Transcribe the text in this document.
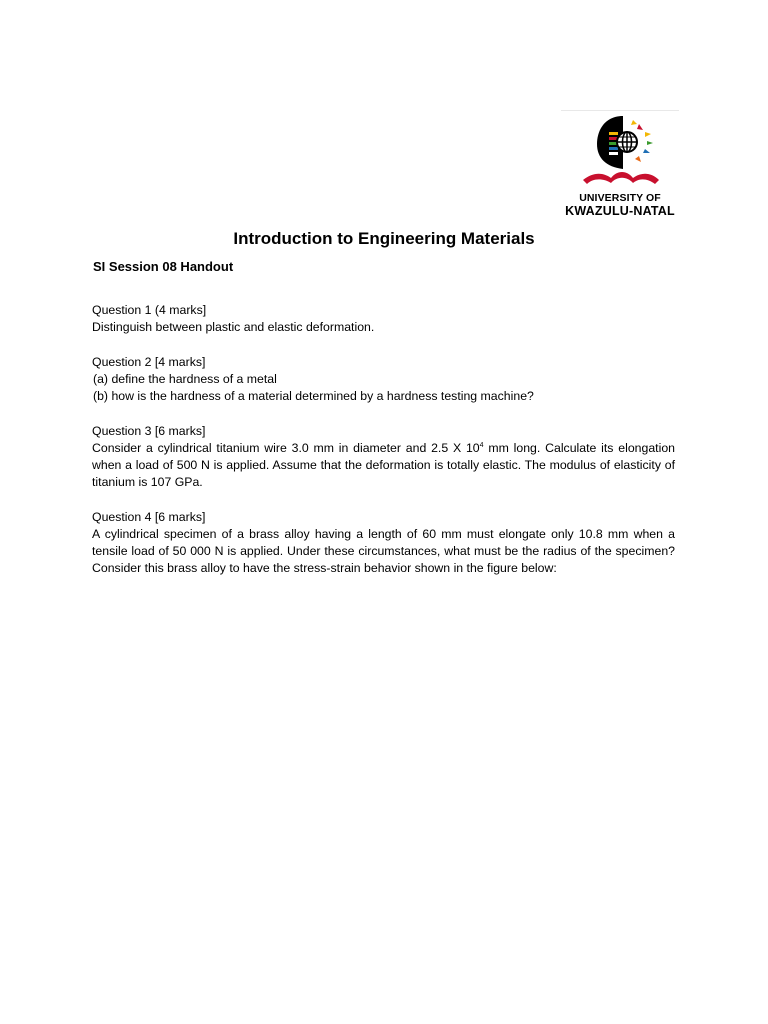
UNIVERSITY OF
KWAZULU-NATAL
Introduction to Engineering Materials
SI Session 08 Handout
Question 1 (4 marks]
Distinguish between plastic and elastic deformation.
Question 2 [4 marks]
(a) define the hardness of a metal
(b) how is the hardness of a material determined by a hardness testing machine?
Question 3 [6 marks]
Consider a cylindrical titanium wire 3.0 mm in diameter and 2.5 X $10^4$ mm long. Calculate its elongation when a load of 500 N is applied. Assume that the deformation is totally elastic. The modulus of elasticity of titanium is 107 GPa.
Question 4 [6 marks]
A cylindrical specimen of a brass alloy having a length of 60 mm must elongate only 10.8 mm when a tensile load of 50 000 N is applied. Under these circumstances, what must be the radius of the specimen? Consider this brass alloy to have the stress-strain behavior shown in the figure below:
